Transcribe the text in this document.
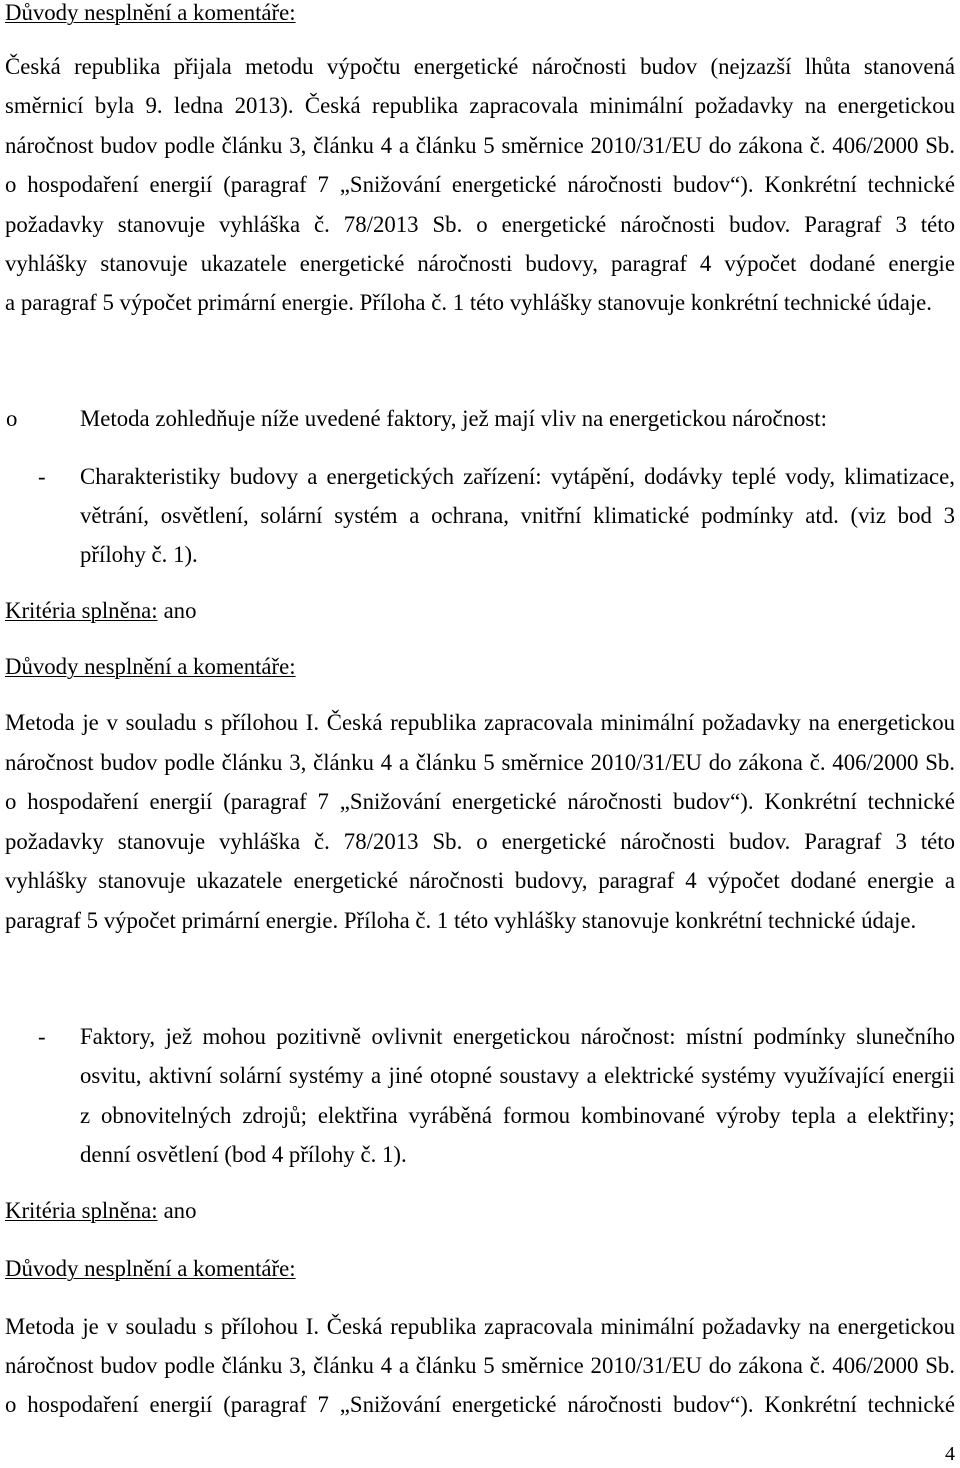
Důvody nesplnění a komentáře:
Česká republika přijala metodu výpočtu energetické náročnosti budov (nejzazší lhůta stanovená
směrnicí byla 9. ledna 2013). Česká republika zapracovala minimální požadavky na energetickou
náročnost budov podle článku 3, článku 4 a článku 5 směrnice 2010/31/EU do zákona č. 406/2000 Sb.
o hospodaření energií (paragraf 7 „Snižování energetické náročnosti budov“). Konkrétní technické
požadavky stanovuje vyhláška č. 78/2013 Sb. o energetické náročnosti budov. Paragraf 3 této
vyhlášky stanovuje ukazatele energetické náročnosti budovy, paragraf 4 výpočet dodané energie
a paragraf 5 výpočet primární energie. Příloha č. 1 této vyhlášky stanovuje konkrétní technické údaje.
o	Metoda zohledňuje níže uvedené faktory, jež mají vliv na energetickou náročnost:
- Charakteristiky budovy a energetických zařízení: vytápění, dodávky teplé vody, klimatizace,
větrání, osvětlení, solární systém a ochrana, vnitřní klimatické podmínky atd. (viz bod 3
přílohy č. 1).
Kritéria splněna: ano
Důvody nesplnění a komentáře:
Metoda je v souladu s přílohou I. Česká republika zapracovala minimální požadavky na energetickou
náročnost budov podle článku 3, článku 4 a článku 5 směrnice 2010/31/EU do zákona č. 406/2000 Sb.
o hospodaření energií (paragraf 7 „Snižování energetické náročnosti budov“). Konkrétní technické
požadavky stanovuje vyhláška č. 78/2013 Sb. o energetické náročnosti budov. Paragraf 3 této
vyhlášky stanovuje ukazatele energetické náročnosti budovy, paragraf 4 výpočet dodané energie a
paragraf 5 výpočet primární energie. Příloha č. 1 této vyhlášky stanovuje konkrétní technické údaje.
- Faktory, jež mohou pozitivně ovlivnit energetickou náročnost: místní podmínky slunečního
osvitu, aktivní solární systémy a jiné otopné soustavy a elektrické systémy využívající energii
z obnovitelných zdrojů; elektřina vyráběná formou kombinované výroby tepla a elektřiny;
denní osvětlení (bod 4 přílohy č. 1).
Kritéria splněna: ano
Důvody nesplnění a komentáře:
Metoda je v souladu s přílohou I. Česká republika zapracovala minimální požadavky na energetickou
náročnost budov podle článku 3, článku 4 a článku 5 směrnice 2010/31/EU do zákona č. 406/2000 Sb.
o hospodaření energií (paragraf 7 „Snižování energetické náročnosti budov“). Konkrétní technické
4
